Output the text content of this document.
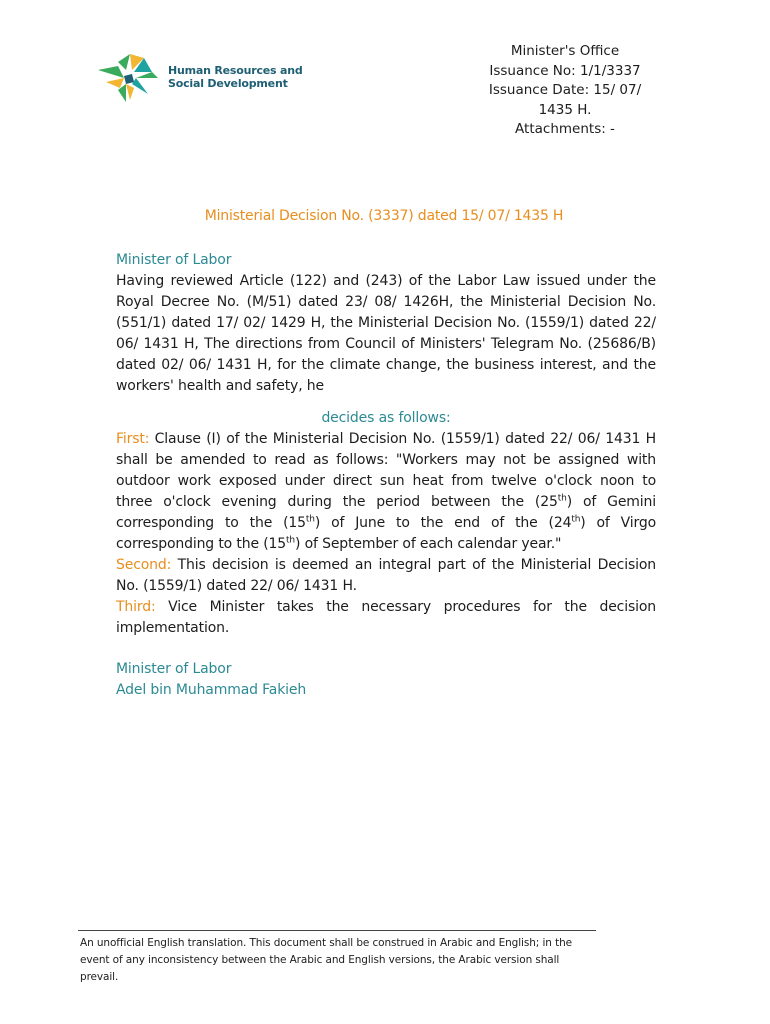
Human Resources and
Social Development
Minister's Office
Issuance No: 1/1/3337
Issuance Date: 15/ 07/
1435 H.
Attachments: -
Ministerial Decision No. (3337) dated 15/ 07/ 1435 H
Minister of Labor

Having reviewed Article (122) and (243) of the Labor Law issued under the Royal Decree No. (M/51) dated 23/ 08/ 1426H, the Ministerial Decision No. (551/1) dated 17/ 02/ 1429 H, the Ministerial Decision No. (1559/1) dated 22/ 06/ 1431 H, The directions from Council of Ministers' Telegram No. (25686/B) dated 02/ 06/ 1431 H, for the climate change, the business interest, and the workers' health and safety, he

decides as follows:

First: Clause (I) of the Ministerial Decision No. (1559/1) dated 22/ 06/ 1431 H shall be amended to read as follows: "Workers may not be assigned with outdoor work exposed under direct sun heat from twelve o'clock noon to three o'clock evening during the period between the (25th) of Gemini corresponding to the (15th) of June to the end of the (24th) of Virgo corresponding to the (15th) of September of each calendar year."

Second: This decision is deemed an integral part of the Ministerial Decision No. (1559/1) dated 22/ 06/ 1431 H.

Third: Vice Minister takes the necessary procedures for the decision implementation.

Minister of Labor
Adel bin Muhammad Fakieh
An unofficial English translation. This document shall be construed in Arabic and English; in the event of any inconsistency between the Arabic and English versions, the Arabic version shall prevail.
